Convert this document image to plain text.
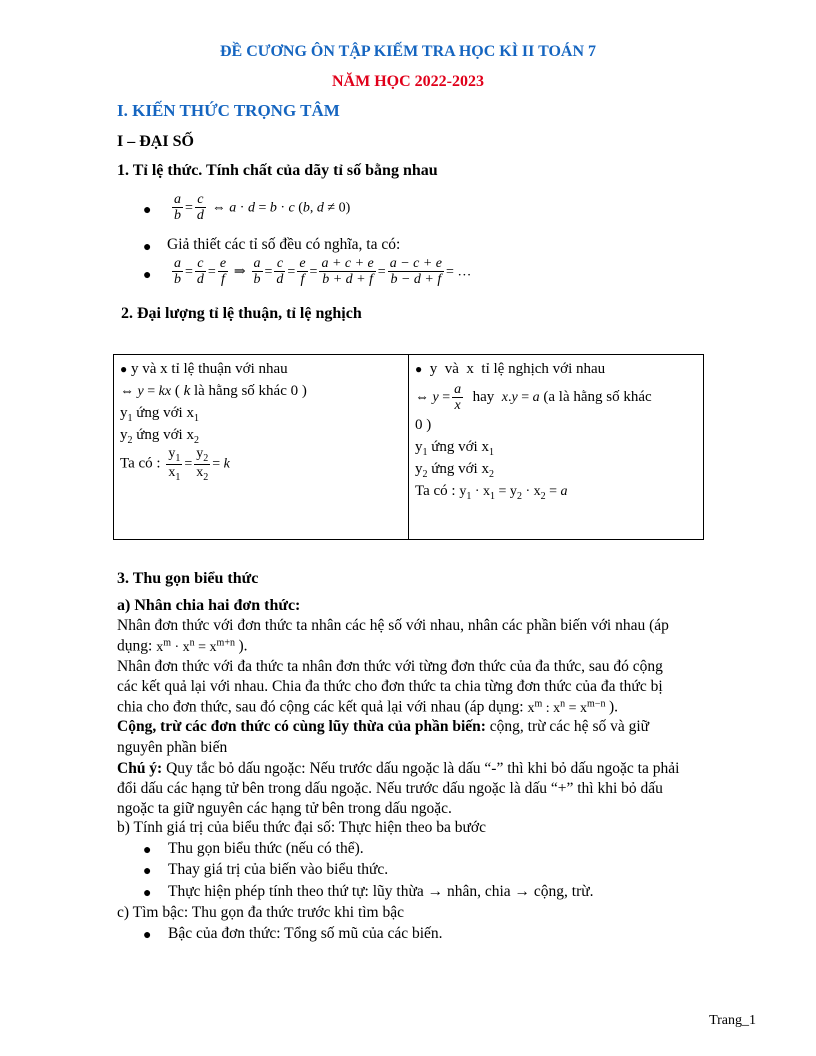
ĐỀ CƯƠNG ÔN TẬP KIẾM TRA HỌC KÌ II TOÁN 7
NĂM HỌC 2022-2023
I. KIẾN THỨC TRỌNG TÂM
I – ĐẠI SỐ
1. Tỉ lệ thức. Tính chất của dãy tỉ số bằng nhau
● $\frac{a}{b} = \frac{c}{d}$ ⇔ a · d = b · c (b, d ≠ 0)
● Giả thiết các tỉ số đều có nghĩa, ta có:
● $\frac{a}{b} = \frac{c}{d} = \frac{e}{f}$ ⇒ $\frac{a}{b} = \frac{c}{d} = \frac{e}{f} = \frac{a + c + e}{b + d + f} = \frac{a - c + e}{b - d + f}$ = …
2. Đại lượng tỉ lệ thuận, tỉ lệ nghịch
● y và x tỉ lệ thuận với nhau
⇔ y = kx ( k là hằng số khác 0 )
$y_1$ ứng với $x_1$
$y_2$ ứng với $x_2$
Ta có : $\frac{y_1}{x_1} = \frac{y_2}{x_2} = k$

●  y  và  x  tỉ lệ nghịch với nhau
⇔ $y = \frac{a}{x}$ hay x.y = a (a là hằng số khác
0 )
$y_1$ ứng với $x_1$
$y_2$ ứng với $x_2$
Ta có : $y_1 \cdot x_1 = y_2 \cdot x_2 = a$
3. Thu gọn biểu thức
a) Nhân chia hai đơn thức:
Nhân đơn thức với đơn thức ta nhân các hệ số với nhau, nhân các phần biến với nhau (áp
dụng: $x^m \cdot x^n = x^{m+n}$ ).
Nhân đơn thức với đa thức ta nhân đơn thức với từng đơn thức của đa thức, sau đó cộng
các kết quả lại với nhau. Chia đa thức cho đơn thức ta chia từng đơn thức của đa thức bị
chia cho đơn thức, sau đó cộng các kết quả lại với nhau (áp dụng: $x^m$ : $x^n = x^{m-n}$ ).
Cộng, trừ các đơn thức có cùng lũy thừa của phần biến: cộng, trừ các hệ số và giữ
nguyên phần biến
Chú ý: Quy tắc bỏ dấu ngoặc: Nếu trước dấu ngoặc là dấu “-” thì khi bỏ dấu ngoặc ta phải
đổi dấu các hạng tử bên trong dấu ngoặc. Nếu trước dấu ngoặc là dấu “+” thì khi bỏ dấu
ngoặc ta giữ nguyên các hạng tử bên trong dấu ngoặc.
b) Tính giá trị của biểu thức đại số: Thực hiện theo ba bước
● Thu gọn biểu thức (nếu có thể).
● Thay giá trị của biến vào biểu thức.
● Thực hiện phép tính theo thứ tự: lũy thừa → nhân, chia → cộng, trừ.
c) Tìm bậc: Thu gọn đa thức trước khi tìm bậc
● Bậc của đơn thức: Tổng số mũ của các biến.
Trang_1
